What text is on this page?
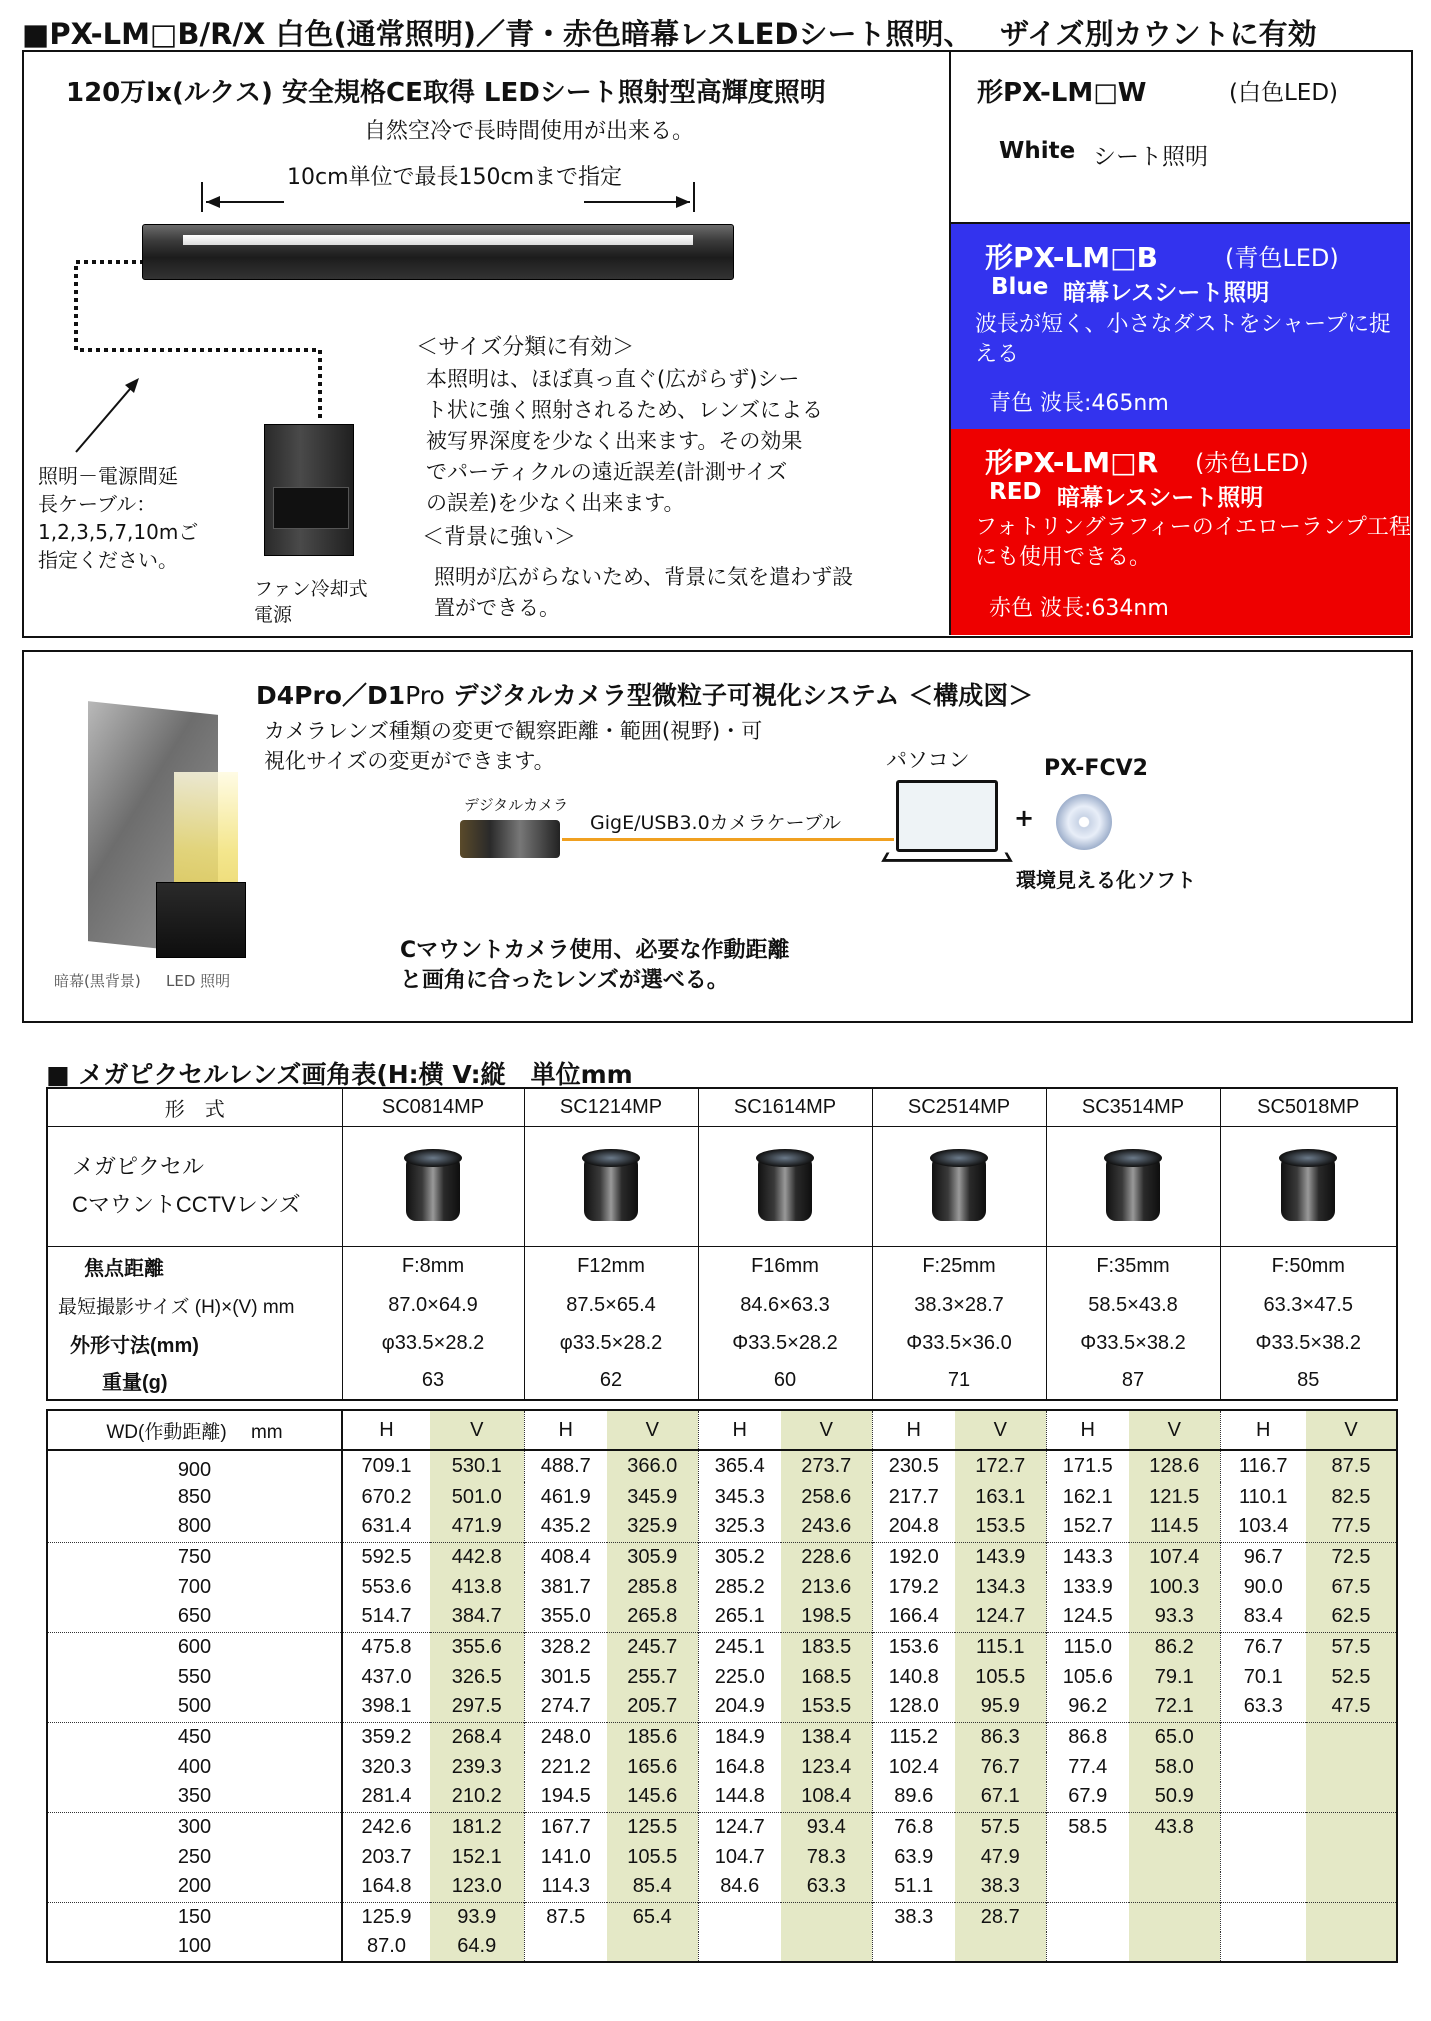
■PX-LM□B/R/X 白色(通常照明)／青・赤色暗幕レスLEDシート照明、 ザイズ別カウントに有効
120万lx(ルクス) 安全規格CE取得 LEDシート照射型高輝度照明
自然空冷で長時間使用が出来る。
10cm単位で最長150cmまで指定
照明－電源間延
長ケーブル：
1,2,3,5,7,10mご
指定ください。
ファン冷却式
電源
＜サイズ分類に有効＞
本照明は、ほぼ真っ直ぐ(広がらず)シー
ト状に強く照射されるため、レンズによる
被写界深度を少なく出来ます。その効果
でパーティクルの遠近誤差(計測サイズ
の誤差)を少なく出来ます。
＜背景に強い＞
照明が広がらないため、背景に気を遣わず設
置ができる。
形PX-LM□W	(白色LED)
White シート照明
形PX-LM□B	(青色LED)
Blue 暗幕レスシート照明
波長が短く、小さなダストをシャープに捉
える
青色 波長:465nm
形PX-LM□R (赤色LED)
RED 暗幕レスシート照明
フォトリングラフィーのイエローランプ工程
にも使用できる。
赤色 波長:634nm
暗幕(黒背景) LED 照明
D4Pro／D1Pro デジタルカメラ型微粒子可視化システム ＜構成図＞
カメラレンズ種類の変更で観察距離・範囲(視野)・可
視化サイズの変更ができます。
デジタルカメラ
GigE/USB3.0カメラケーブル
パソコン
+
PX-FCV2
環境見える化ソフト
Cマウントカメラ使用、必要な作動距離
と画角に合ったレンズが選べる。
■ メガピクセルレンズ画角表(H:横 V:縦　単位mm
形　式	SC0814MP	SC1214MP	SC1614MP	SC2514MP	SC3514MP	SC5018MP

メガピクセル
CマウントCCTVレンズ						

焦点距離	F:8mm	F12mm	F16mm	F:25mm	F:35mm	F:50mm
最短撮影サイズ (H)×(V) mm	87.0×64.9	87.5×65.4	84.6×63.3	38.3×28.7	58.5×43.8	63.3×47.5
外形寸法(mm)	φ33.5×28.2	φ33.5×28.2	Φ33.5×28.2	Φ33.5×36.0	Φ33.5×38.2	Φ33.5×38.2
重量(g)	63	62	60	71	87	85
WD(作動距離)　 mm	H	V	H	V	H	V	H	V	H	V	H	V
900	709.1	530.1	488.7	366.0	365.4	273.7	230.5	172.7	171.5	128.6	116.7	87.5
850	670.2	501.0	461.9	345.9	345.3	258.6	217.7	163.1	162.1	121.5	110.1	82.5
800	631.4	471.9	435.2	325.9	325.3	243.6	204.8	153.5	152.7	114.5	103.4	77.5
750	592.5	442.8	408.4	305.9	305.2	228.6	192.0	143.9	143.3	107.4	96.7	72.5
700	553.6	413.8	381.7	285.8	285.2	213.6	179.2	134.3	133.9	100.3	90.0	67.5
650	514.7	384.7	355.0	265.8	265.1	198.5	166.4	124.7	124.5	93.3	83.4	62.5
600	475.8	355.6	328.2	245.7	245.1	183.5	153.6	115.1	115.0	86.2	76.7	57.5
550	437.0	326.5	301.5	255.7	225.0	168.5	140.8	105.5	105.6	79.1	70.1	52.5
500	398.1	297.5	274.7	205.7	204.9	153.5	128.0	95.9	96.2	72.1	63.3	47.5
450	359.2	268.4	248.0	185.6	184.9	138.4	115.2	86.3	86.8	65.0		
400	320.3	239.3	221.2	165.6	164.8	123.4	102.4	76.7	77.4	58.0		
350	281.4	210.2	194.5	145.6	144.8	108.4	89.6	67.1	67.9	50.9		
300	242.6	181.2	167.7	125.5	124.7	93.4	76.8	57.5	58.5	43.8		
250	203.7	152.1	141.0	105.5	104.7	78.3	63.9	47.9				
200	164.8	123.0	114.3	85.4	84.6	63.3	51.1	38.3				
150	125.9	93.9	87.5	65.4			38.3	28.7				
100	87.0	64.9										
